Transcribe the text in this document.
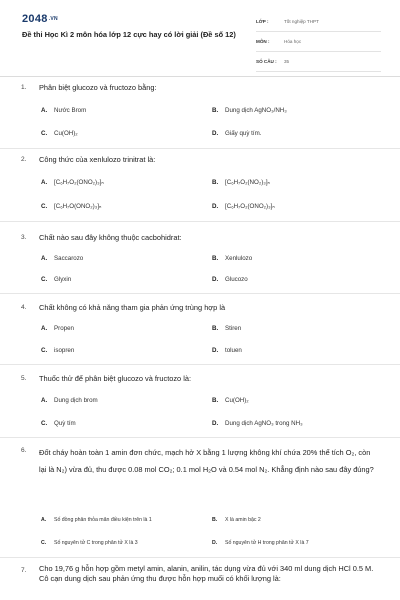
2048.VN
Đề thi Học Kì 2 môn hóa lớp 12 cực hay có lời giải (Đề số 12)
LỚP :	Tốt nghiệp THPT
MÔN :	Hóa học
SỐ CÂU :	35
1. Phân biệt glucozo và fructozo bằng:
A. Nước Brom	B. Dung dịch AgNO₃/NH₃
C. Cu(OH)₂	D. Giấy quỳ tím.
2. Công thức của xenlulozo trinitrat là:
A. [C₆H₇O₂(ONO₂)₃]ₙ	B. [C₆H₇O₂(NO₂)₃]ₙ
C. [C₆H₇O(ONO₂)₃]ₙ	D. [C₆H₇O₂(ONO₂)₃]ₙ
3. Chất nào sau đây không thuộc cacbohidrat:
A. Saccarozo	B. Xenlulozo
C. Glyxin	D. Glucozo
4. Chất không có khả năng tham gia phản ứng trùng hợp là
A. Propen	B. Stiren
C. isopren	D. toluen
5. Thuốc thử để phân biệt glucozo và fructozo là:
A. Dung dịch brom	B. Cu(OH)₂
C. Quỳ tím	D. Dung dịch AgNO₃ trong NH₃
6. Đốt cháy hoàn toàn 1 amin đơn chức, mạch hở X bằng 1 lượng không khí chứa 20% thể tích O₂, còn lại là N₂) vừa đủ, thu được 0.08 mol CO₂; 0.1 mol H₂O và 0.54 mol N₂. Khẳng định nào sau đây đúng?
A. Số đồng phân thỏa mãn điều kiện trên là 1	B. X là amin bậc 2
C. Số nguyên tử C trong phân tử X là 3	D. Số nguyên tử H trong phân tử X là 7
7. Cho 19,76 g hỗn hợp gồm metyl amin, alanin, anilin, tác dụng vừa đủ với 340 ml dung dịch HCl 0.5 M. Cô cạn dung dịch sau phản ứng thu được hỗn hợp muối có khối lượng là:
